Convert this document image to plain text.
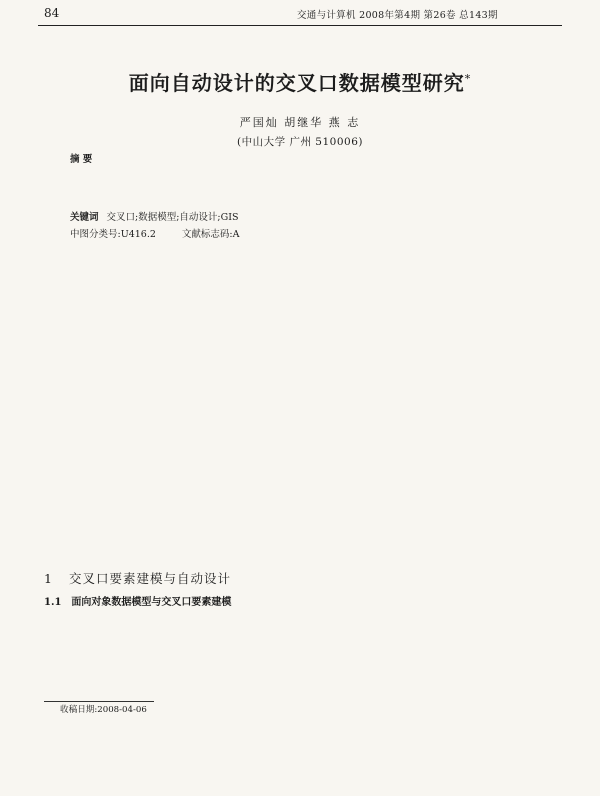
84	交通与计算机 2008年第4期 第26卷 总143期
面向自动设计的交叉口数据模型研究*
严国灿 胡继华 燕 志
(中山大学 广州 510006)
摘 要
关键词 交叉口;数据模型;自动设计;GIS
中图分类号:U416.2	文献标志码:A
1 交叉口要素建模与自动设计
1.1 面向对象数据模型与交叉口要素建模
收稿日期:2008-04-06
